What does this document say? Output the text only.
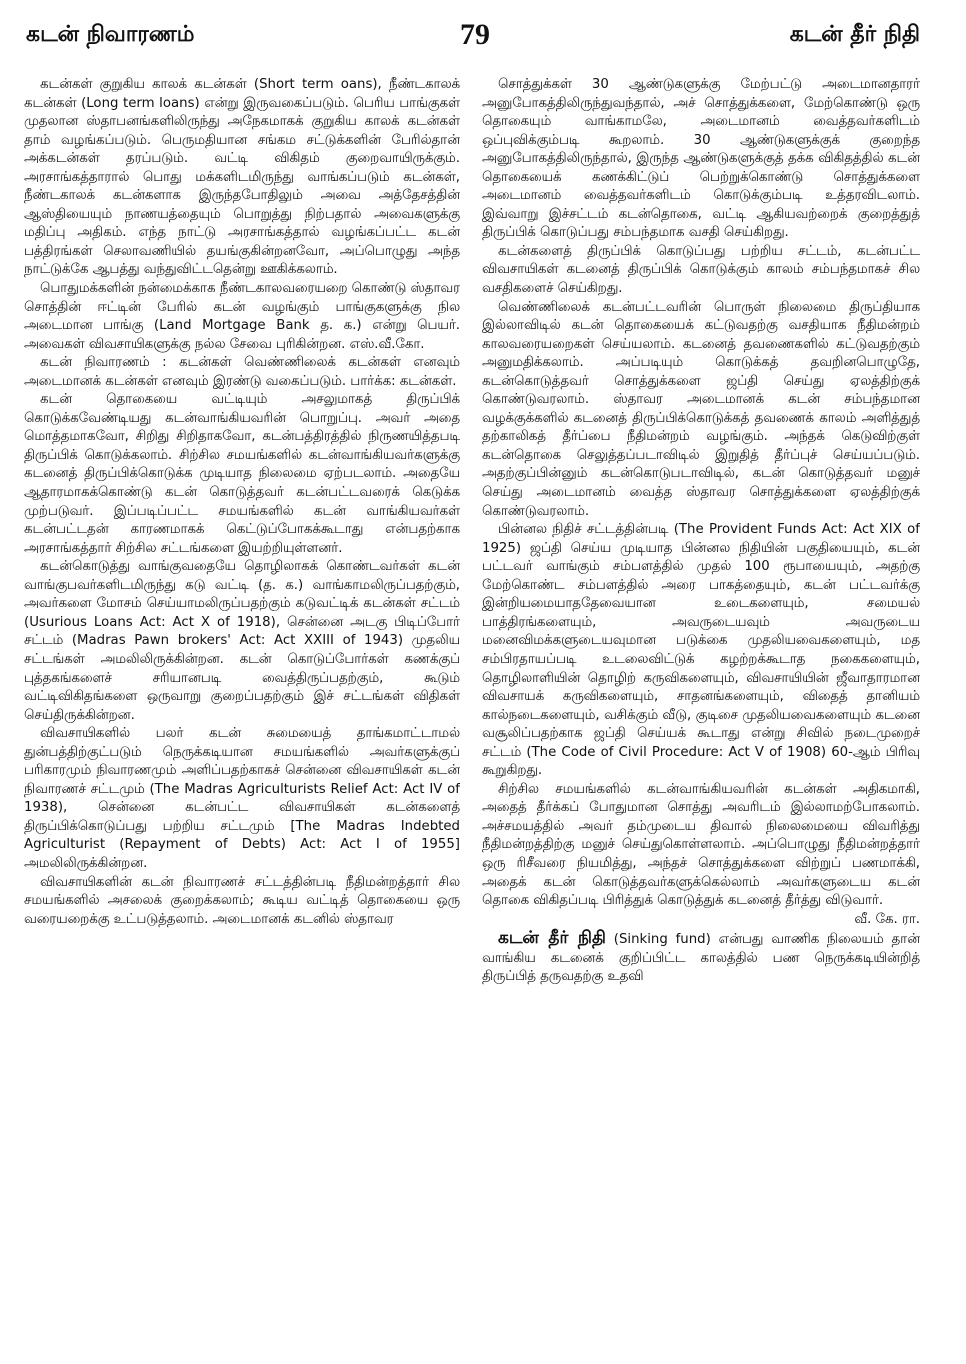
கடன் நிவாரணம்	79	கடன் தீர் நிதி

கடன்கள் குறுகிய காலக் கடன்கள் (Short term oans), நீண்டகாலக் கடன்கள் (Long term loans) என்று இருவகைப்படும். பெரிய பாங்குகள் முதலான ஸ்தாபனங்களிலிருந்து அநேகமாகக் குறுகிய காலக் கடன்கள் தாம் வழங்கப்படும். பெருமதியான சங்கம சட்டுக்களின் பேரில்தான் அக்கடன்கள் தரப்படும். வட்டி விகிதம் குறைவாயிருக்கும். அரசாங்கத்தாரால் பொது மக்களிடமிருந்து வாங்கப்படும் கடன்கள், நீண்டகாலக் கடன்களாக இருந்தபோதிலும் அவை அத்தேசத்தின் ஆஸ்தியையும் நாணயத்தையும் பொறுத்து நிற்பதால் அவைகளுக்கு மதிப்பு அதிகம். எந்த நாட்டு அரசாங்கத்தால் வழங்கப்பட்ட கடன் பத்திரங்கள் செலாவணியில் தயங்குகின்றனவோ, அப்பொழுது அந்த நாட்டுக்கே ஆபத்து வந்துவிட்டதென்று ஊகிக்கலாம்.

பொதுமக்களின் நன்மைக்காக நீண்டகாலவரையறை கொண்டு ஸ்தாவர சொத்தின் ஈட்டின் பேரில் கடன் வழங்கும் பாங்குகளுக்கு நில அடைமான பாங்கு (Land Mortgage Bank த. க.) என்று பெயர். அவைகள் விவசாயிகளுக்கு நல்ல சேவை புரிகின்றன. எஸ்.வீ.கோ.

கடன் நிவாரணம் : கடன்கள் வெண்ணிலைக் கடன்கள் எனவும் அடைமானக் கடன்கள் எனவும் இரண்டு வகைப்படும். பார்க்க: கடன்கள்.

கடன் தொகையை வட்டியும் அசலுமாகத் திருப்பிக் கொடுக்கவேண்டியது கடன்வாங்கியவரின் பொறுப்பு. அவர் அதை மொத்தமாகவோ, சிறிது சிறிதாகவோ, கடன்பத்திரத்தில் நிருணயித்தபடி திருப்பிக் கொடுக்கலாம். சிற்சில சமயங்களில் கடன்வாங்கியவர்களுக்கு கடனைத் திருப்பிக்கொடுக்க முடியாத நிலைமை ஏற்படலாம். அதையே ஆதாரமாகக்கொண்டு கடன் கொடுத்தவர் கடன்பட்டவரைக் கெடுக்க முற்படுவர். இப்படிப்பட்ட சமயங்களில் கடன் வாங்கியவர்கள் கடன்பட்டதன் காரணமாகக் கெட்டுப்போகக்கூடாது என்பதற்காக அரசாங்கத்தார் சிற்சில சட்டங்களை இயற்றியுள்ளனர்.

கடன்கொடுத்து வாங்குவதையே தொழிலாகக் கொண்டவர்கள் கடன் வாங்குபவர்களிடமிருந்து கடு வட்டி (த. க.) வாங்காமலிருப்பதற்கும், அவர்களை மோசம் செய்யாமலிருப்பதற்கும் கடுவட்டிக் கடன்கள் சட்டம் (Usurious Loans Act: Act X of 1918), சென்னை அடகு பிடிப்போர் சட்டம் (Madras Pawn brokers' Act: Act XXIII of 1943) முதலிய சட்டங்கள் அமலிலிருக்கின்றன. கடன் கொடுப்போர்கள் கணக்குப் புத்தகங்களைச் சரியானபடி வைத்திருப்பதற்கும், கூடும் வட்டிவிகிதங்களை ஒருவாறு குறைப்பதற்கும் இச் சட்டங்கள் விதிகள் செய்திருக்கின்றன.

விவசாயிகளில் பலர் கடன் சுமையைத் தாங்கமாட்டாமல் துன்பத்திற்குட்படும் நெருக்கடியான சமயங்களில் அவர்களுக்குப் பரிகாரமும் நிவாரணமும் அளிப்பதற்காகச் சென்னை விவசாயிகள் கடன் நிவாரணச் சட்டமும் (The Madras Agriculturists Relief Act: Act IV of 1938), சென்னை கடன்பட்ட விவசாயிகள் கடன்களைத் திருப்பிக்கொடுப்பது பற்றிய சட்டமும் [The Madras Indebted Agriculturist (Repayment of Debts) Act: Act I of 1955] அமலிலிருக்கின்றன.

விவசாயிகளின் கடன் நிவாரணச் சட்டத்தின்படி நீதிமன்றத்தார் சில சமயங்களில் அசலைக் குறைக்கலாம்; கூடிய வட்டித் தொகையை ஒரு வரையறைக்கு உட்படுத்தலாம். அடைமானக் கடனில் ஸ்தாவர

சொத்துக்கள் 30 ஆண்டுகளுக்கு மேற்பட்டு அடைமானதாரர் அனுபோகத்திலிருந்துவந்தால், அச் சொத்துக்களை, மேற்கொண்டு ஒரு தொகையும் வாங்காமலே, அடைமானம் வைத்தவர்களிடம் ஒப்புவிக்கும்படி கூறலாம். 30 ஆண்டுகளுக்குக் குறைந்த அனுபோகத்திலிருந்தால், இருந்த ஆண்டுகளுக்குத் தக்க விகிதத்தில் கடன் தொகையைக் கணக்கிட்டுப் பெற்றுக்கொண்டு சொத்துக்களை அடைமானம் வைத்தவர்களிடம் கொடுக்கும்படி உத்தரவிடலாம். இவ்வாறு இச்சட்டம் கடன்தொகை, வட்டி ஆகியவற்றைக் குறைத்துத் திருப்பிக் கொடுப்பது சம்பந்தமாக வசதி செய்கிறது.

கடன்களைத் திருப்பிக் கொடுப்பது பற்றிய சட்டம், கடன்பட்ட விவசாயிகள் கடனைத் திருப்பிக் கொடுக்கும் காலம் சம்பந்தமாகச் சில வசதிகளைச் செய்கிறது.

வெண்ணிலைக் கடன்பட்டவரின் பொருள் நிலைமை திருப்தியாக இல்லாவிடில் கடன் தொகையைக் கட்டுவதற்கு வசதியாக நீதிமன்றம் காலவரையறைகள் செய்யலாம். கடனைத் தவணைகளில் கட்டுவதற்கும் அனுமதிக்கலாம். அப்படியும் கொடுக்கத் தவறினபொழுதே, கடன்கொடுத்தவர் சொத்துக்களை ஜப்தி செய்து ஏலத்திற்குக் கொண்டுவரலாம். ஸ்தாவர அடைமானக் கடன் சம்பந்தமான வழக்குக்களில் கடனைத் திருப்பிக்கொடுக்கத் தவணைக் காலம் அளித்துத் தற்காலிகத் தீர்ப்பை நீதிமன்றம் வழங்கும். அந்தக் கெடுவிற்குள் கடன்தொகை செலுத்தப்படாவிடில் இறுதித் தீர்ப்புச் செய்யப்படும். அதற்குப்பின்னும் கடன்கொடுபடாவிடில், கடன் கொடுத்தவர் மனுச் செய்து அடைமானம் வைத்த ஸ்தாவர சொத்துக்களை ஏலத்திற்குக் கொண்டுவரலாம்.

பின்னல நிதிச் சட்டத்தின்படி (The Provident Funds Act: Act XIX of 1925) ஜப்தி செய்ய முடியாத பின்னல நிதியின் பகுதியையும், கடன் பட்டவர் வாங்கும் சம்பளத்தில் முதல் 100 ரூபாயையும், அதற்கு மேற்கொண்ட சம்பளத்தில் அரை பாகத்தையும், கடன் பட்டவர்க்கு இன்றியமையாததேவையான உடைகளையும், சமையல் பாத்திரங்களையும், அவருடையவும் அவருடைய மனைவிமக்களுடையவுமான படுக்கை முதலியவைகளையும், மத சம்பிரதாயப்படி உடலைவிட்டுக் கழற்றக்கூடாத நகைகளையும், தொழிலாளியின் தொழிற் கருவிகளையும், விவசாயியின் ஜீவாதாரமான விவசாயக் கருவிகளையும், சாதனங்களையும், விதைத் தானியம் கால்நடைகளையும், வசிக்கும் வீடு, குடிசை முதலியவைகளையும் கடனை வசூலிப்பதற்காக ஜப்தி செய்யக் கூடாது என்று சிவில் நடைமுறைச் சட்டம் (The Code of Civil Procedure: Act V of 1908) 60-ஆம் பிரிவு கூறுகிறது.

சிற்சில சமயங்களில் கடன்வாங்கியவரின் கடன்கள் அதிகமாகி, அதைத் தீர்க்கப் போதுமான சொத்து அவரிடம் இல்லாமற்போகலாம். அச்சமயத்தில் அவர் தம்முடைய திவால் நிலைமையை விவரித்து நீதிமன்றத்திற்கு மனுச் செய்துகொள்ளலாம். அப்பொழுது நீதிமன்றத்தார் ஒரு ரிசீவரை நியமித்து, அந்தச் சொத்துக்களை விற்றுப் பணமாக்கி, அதைக் கடன் கொடுத்தவர்களுக்கெல்லாம் அவர்களுடைய கடன் தொகை விகிதப்படி பிரித்துக் கொடுத்துக் கடனைத் தீர்த்து விடுவார்.

வீ. கே. ரா.

கடன் தீர் நிதி (Sinking fund) என்பது வாணிக நிலையம் தான் வாங்கிய கடனைக் குறிப்பிட்ட காலத்தில் பண நெருக்கடியின்றித் திருப்பித் தருவதற்கு உதவி
